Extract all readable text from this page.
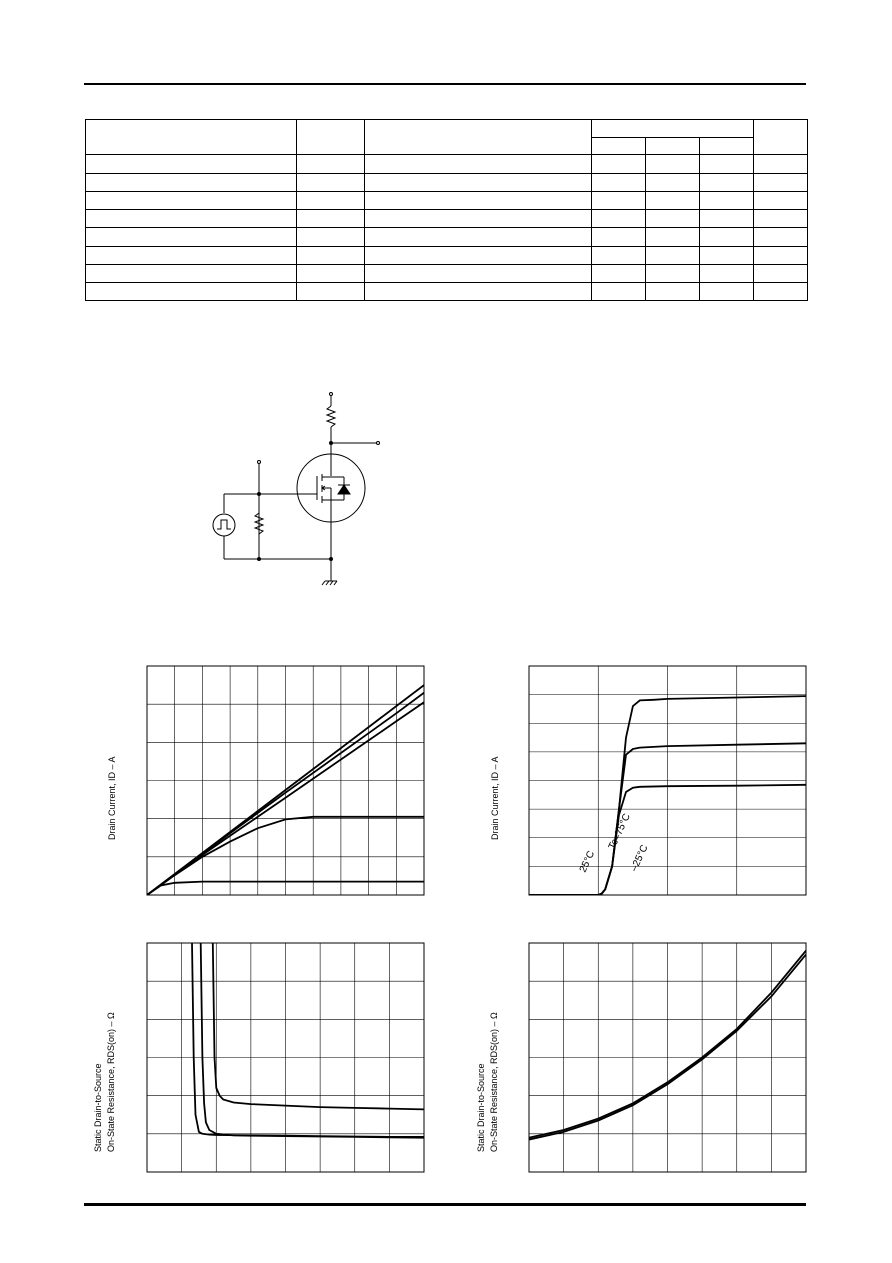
Drain Current, ID – A	Drain Current, ID – A
Static Drain-to-Source On-State Resistance, RDS(on) – Ω	Static Drain-to-Source On-State Resistance, RDS(on) – Ω
25°C
Tc=75°C
–25°C
